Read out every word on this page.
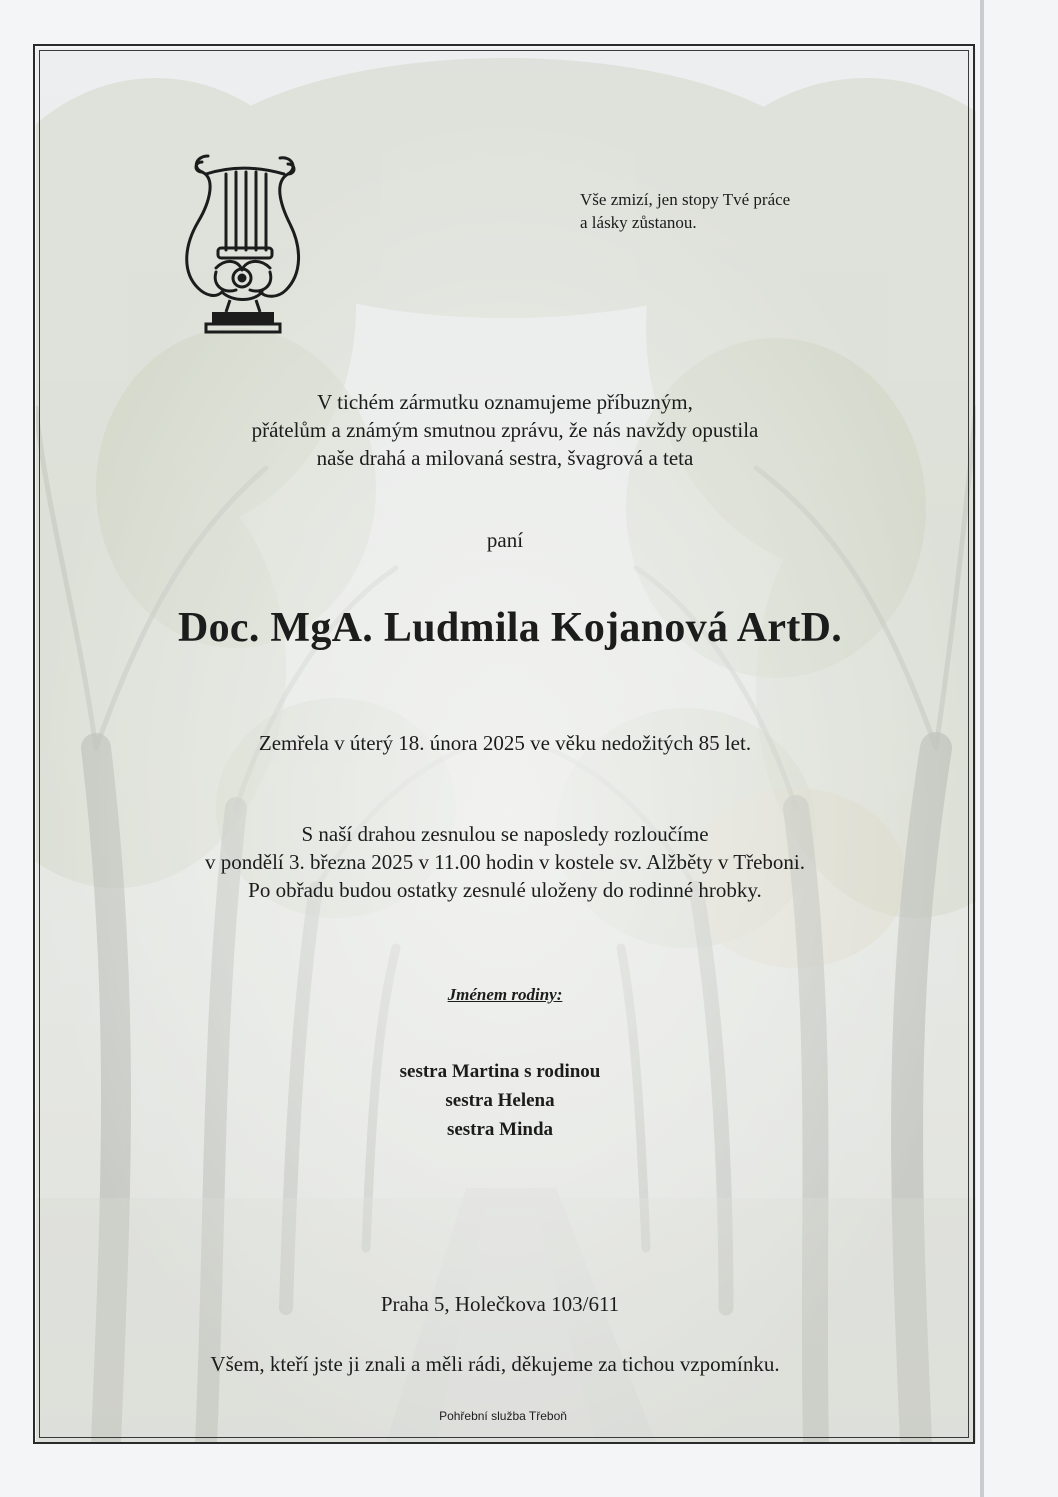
Vše zmizí, jen stopy Tvé práce
a lásky zůstanou.
V tichém zármutku oznamujeme příbuzným,
přátelům a známým smutnou zprávu, že nás navždy opustila
naše drahá a milovaná sestra, švagrová a teta
paní
Doc. MgA. Ludmila Kojanová ArtD.
Zemřela v úterý 18. února 2025 ve věku nedožitých 85 let.
S naší drahou zesnulou se naposledy rozloučíme
v pondělí 3. března 2025 v 11.00 hodin v kostele sv. Alžběty v Třeboni.
Po obřadu budou ostatky zesnulé uloženy do rodinné hrobky.
Jménem rodiny:
sestra Martina s rodinou
sestra Helena
sestra Minda
Praha 5, Holečkova 103/611
Všem, kteří jste ji znali a měli rádi, děkujeme za tichou vzpomínku.
Pohřební služba Třeboň
